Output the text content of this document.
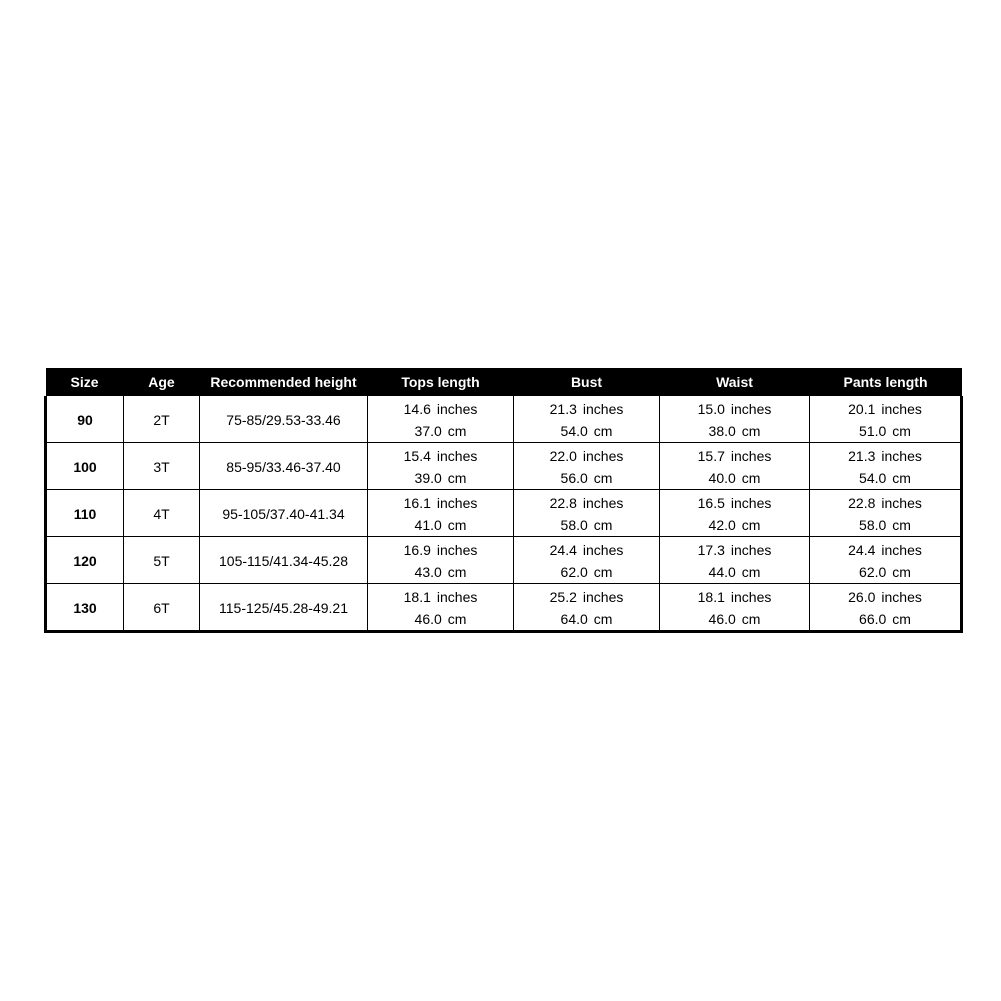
Size	Age	Recommended height	Tops length	Bust	Waist	Pants length
90	2T	75-85/29.53-33.46	14.6 inches	21.3 inches	15.0 inches	20.1 inches
			37.0 cm	54.0 cm	38.0 cm	51.0 cm
100	3T	85-95/33.46-37.40	15.4 inches	22.0 inches	15.7 inches	21.3 inches
			39.0 cm	56.0 cm	40.0 cm	54.0 cm
110	4T	95-105/37.40-41.34	16.1 inches	22.8 inches	16.5 inches	22.8 inches
			41.0 cm	58.0 cm	42.0 cm	58.0 cm
120	5T	105-115/41.34-45.28	16.9 inches	24.4 inches	17.3 inches	24.4 inches
			43.0 cm	62.0 cm	44.0 cm	62.0 cm
130	6T	115-125/45.28-49.21	18.1 inches	25.2 inches	18.1 inches	26.0 inches
			46.0 cm	64.0 cm	46.0 cm	66.0 cm
